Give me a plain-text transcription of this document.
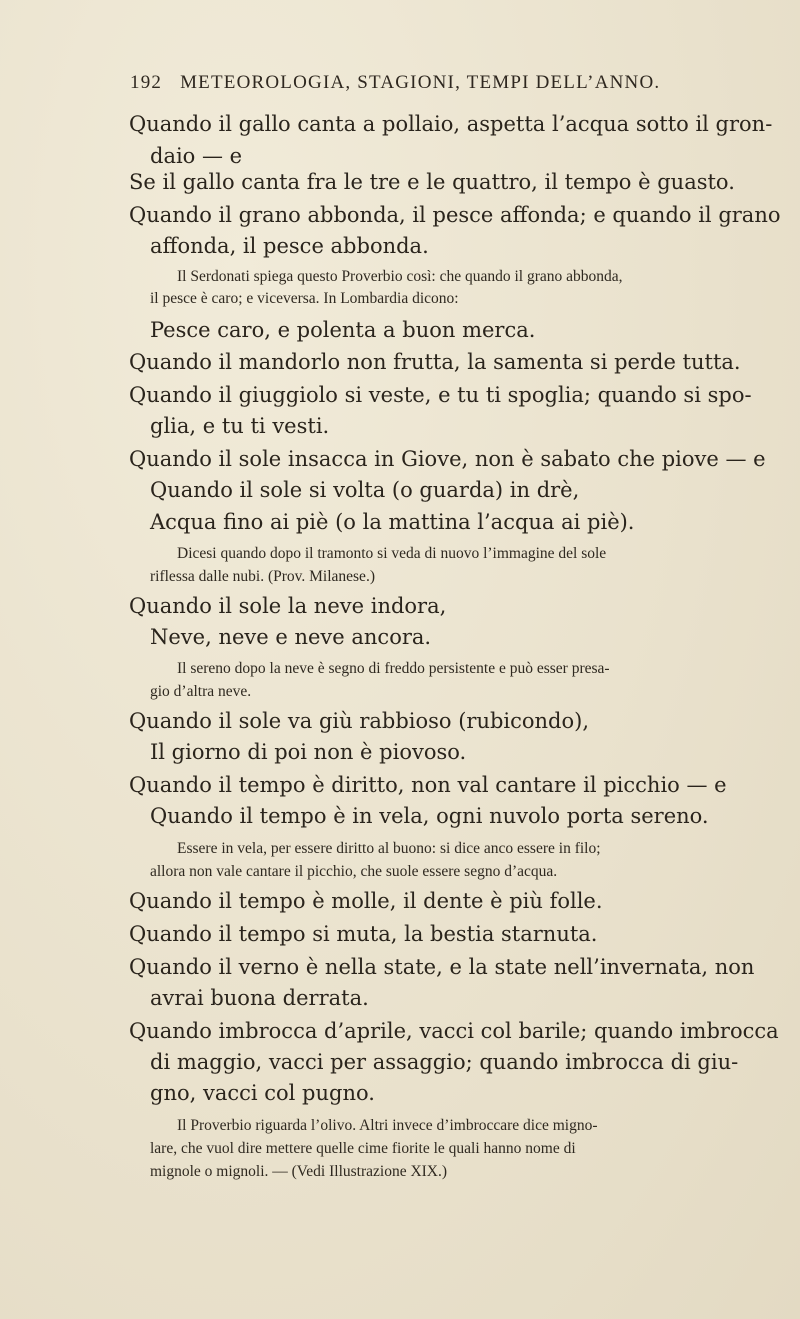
192 METEOROLOGIA, STAGIONI, TEMPI DELL’ANNO.
Quando il gallo canta a pollaio, aspetta l’acqua sotto il gron-
daio — e
Se il gallo canta fra le tre e le quattro, il tempo è guasto.
Quando il grano abbonda, il pesce affonda; e quando il grano
affonda, il pesce abbonda.
Il Serdonati spiega questo Proverbio così: che quando il grano abbonda,
il pesce è caro; e viceversa. In Lombardia dicono:
Pesce caro, e polenta a buon merca.
Quando il mandorlo non frutta, la samenta si perde tutta.
Quando il giuggiolo si veste, e tu ti spoglia; quando si spo-
glia, e tu ti vesti.
Quando il sole insacca in Giove, non è sabato che piove — e
Quando il sole si volta (o guarda) in drè,
Acqua fino ai piè (o la mattina l’acqua ai piè).
Dicesi quando dopo il tramonto si veda di nuovo l’immagine del sole
riflessa dalle nubi. (Prov. Milanese.)
Quando il sole la neve indora,
Neve, neve e neve ancora.
Il sereno dopo la neve è segno di freddo persistente e può esser presa-
gio d’altra neve.
Quando il sole va giù rabbioso (rubicondo),
Il giorno di poi non è piovoso.
Quando il tempo è diritto, non val cantare il picchio — e
Quando il tempo è in vela, ogni nuvolo porta sereno.
Essere in vela, per essere diritto al buono: si dice anco essere in filo;
allora non vale cantare il picchio, che suole essere segno d’acqua.
Quando il tempo è molle, il dente è più folle.
Quando il tempo si muta, la bestia starnuta.
Quando il verno è nella state, e la state nell’invernata, non
avrai buona derrata.
Quando imbrocca d’aprile, vacci col barile; quando imbrocca
di maggio, vacci per assaggio; quando imbrocca di giu-
gno, vacci col pugno.
Il Proverbio riguarda l’olivo. Altri invece d’imbroccare dice migno-
lare, che vuol dire mettere quelle cime fiorite le quali hanno nome di
mignole o mignoli. — (Vedi Illustrazione XIX.)
